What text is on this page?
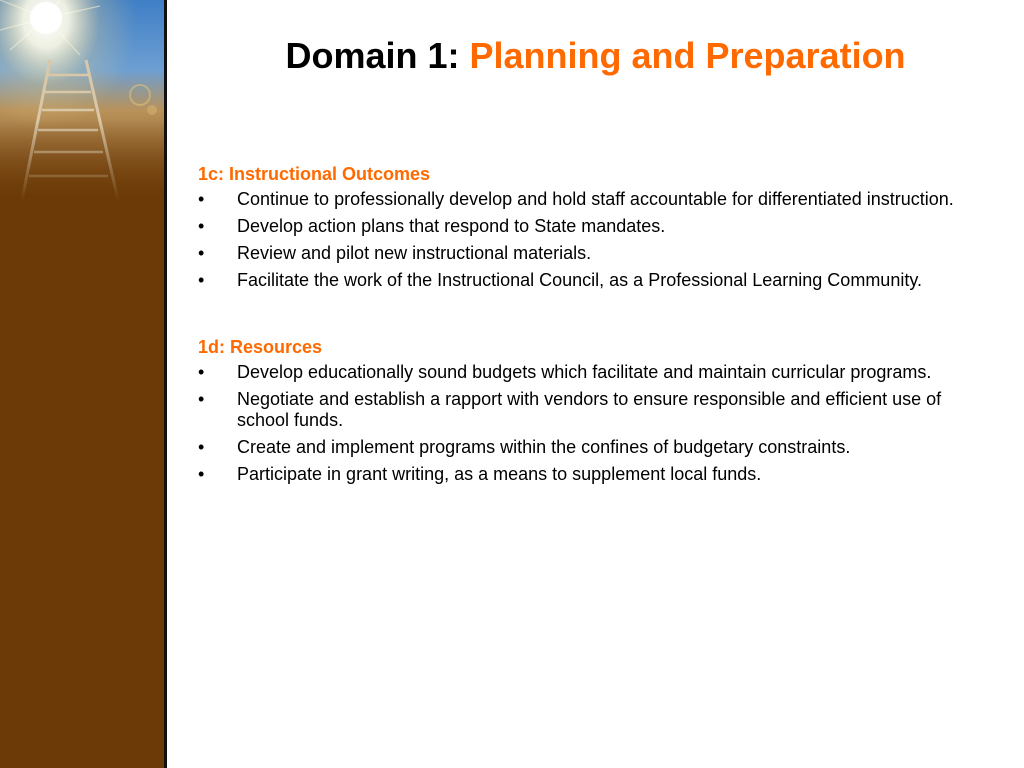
Domain 1: Planning and Preparation

1c: Instructional Outcomes

• Continue to professionally develop and hold staff accountable for differentiated instruction.
• Develop action plans that respond to State mandates.
• Review and pilot new instructional materials.
• Facilitate the work of the Instructional Council, as a Professional Learning Community.

1d: Resources

• Develop educationally sound budgets which facilitate and maintain curricular programs.
• Negotiate and establish a rapport with vendors to ensure responsible and efficient use of school funds.
• Create and implement programs within the confines of budgetary constraints.
• Participate in grant writing, as a means to supplement local funds.
